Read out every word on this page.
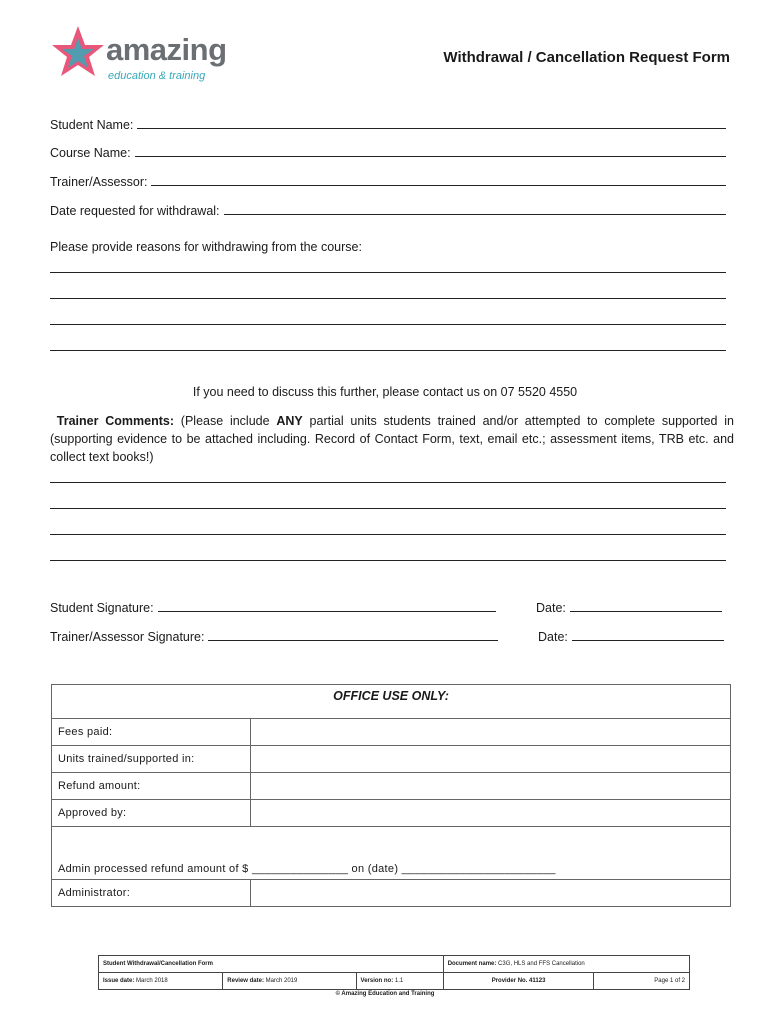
amazing
education & training
Withdrawal / Cancellation Request Form
Student Name:
Course Name:
Trainer/Assessor:
Date requested for withdrawal:
Please provide reasons for withdrawing from the course:
If you need to discuss this further, please contact us on 07 5520 4550
Trainer Comments: (Please include ANY partial units students trained and/or attempted to complete supported in (supporting evidence to be attached including. Record of Contact Form, text, email etc.; assessment items, TRB etc. and collect text books!)
Student Signature:	Date:
Trainer/Assessor Signature:	Date:
OFFICE USE ONLY:	
Fees paid:	
Units trained/supported in:	
Refund amount:	
Approved by:	
Admin processed refund amount of $ _______________ on (date) ________________________	
Administrator:	
Student Withdrawal/Cancellation Form			Document name: C3G, HLS and FFS Cancellation	
Issue date: March 2018	Review date: March 2019	Version no: 1.1	Provider No. 41123	Page 1 of 2
© Amazing Education and Training
